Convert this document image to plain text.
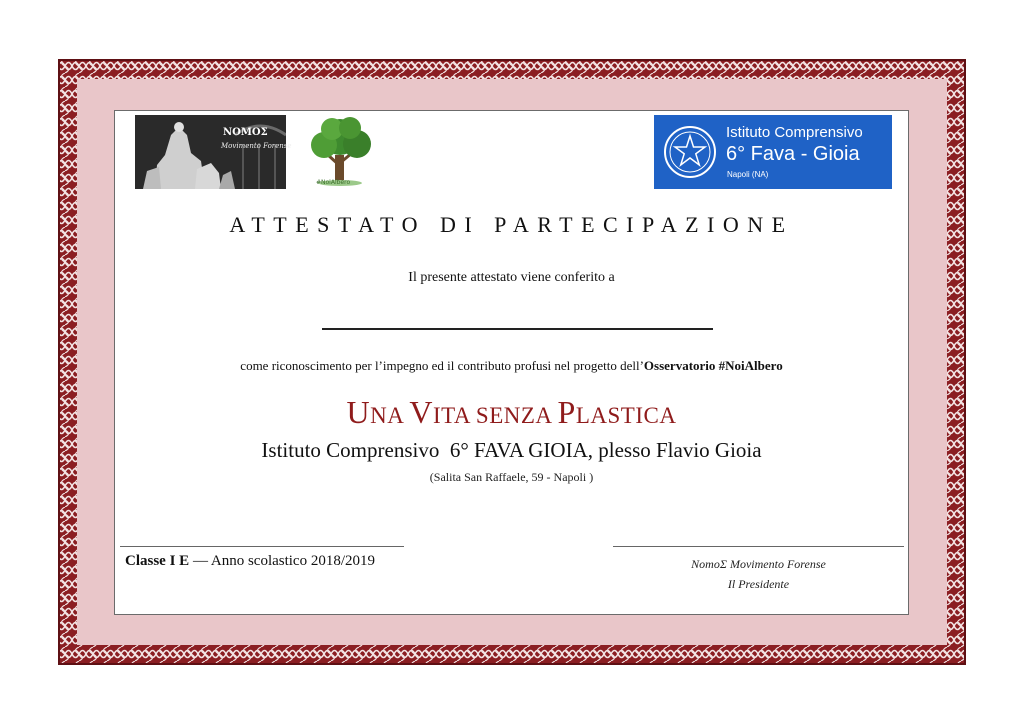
ΝΟΜΟΣ
Movimento Forense
#NoiAlbero
Istituto Comprensivo
6° Fava - Gioia
Napoli (NA)
ATTESTATO DI PARTECIPAZIONE
Il presente attestato viene conferito a
come riconoscimento per l’impegno ed il contributo profusi nel progetto dell’Osservatorio #NoiAlbero
UNA VITA SENZA PLASTICA
Istituto Comprensivo  6° FAVA GIOIA, plesso Flavio Gioia
(Salita San Raffaele, 59 - Napoli )
Classe I E — Anno scolastico 2018/2019	NomoΣ Movimento Forense
Il Presidente
